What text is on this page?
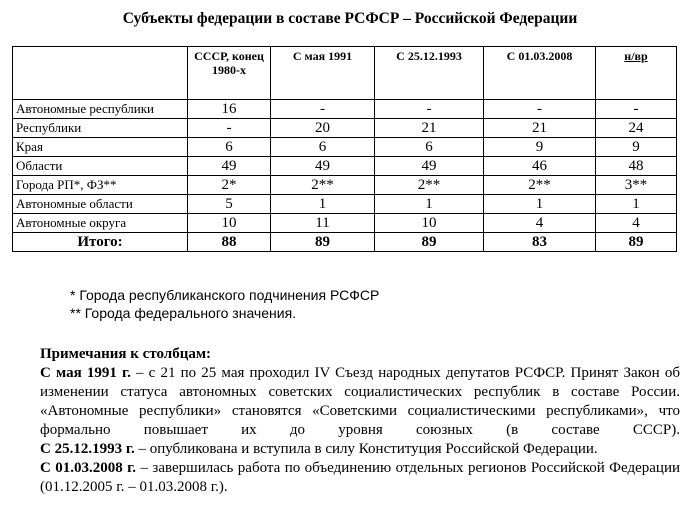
Субъекты федерации в составе РСФСР – Российской Федерации
	СССР, конец 1980-х	С мая 1991	С 25.12.1993	С 01.03.2008	н/вр
Автономные республики	16	-	-	-	-
Республики	-	20	21	21	24
Края	6	6	6	9	9
Области	49	49	49	46	48
Города РП*, ФЗ**	2*	2**	2**	2**	3**
Автономные области	5	1	1	1	1
Автономные округа	10	11	10	4	4
Итого:	88	89	89	83	89
* Города республиканского подчинения РСФСР
** Города федерального значения.
Примечания к столбцам:

С мая 1991 г. – с 21 по 25 мая проходил IV Съезд народных депутатов РСФСР. Принят Закон об изменении статуса автономных советских социалистических республик в составе России. «Автономные республики» становятся «Советскими социалистическими республиками», что формально повышает их до уровня союзных (в составе СССР).

С 25.12.1993 г. – опубликована и вступила в силу Конституция Российской Федерации.

С 01.03.2008 г. – завершилась работа по объединению отдельных регионов Российской Федерации (01.12.2005 г. – 01.03.2008 г.).
